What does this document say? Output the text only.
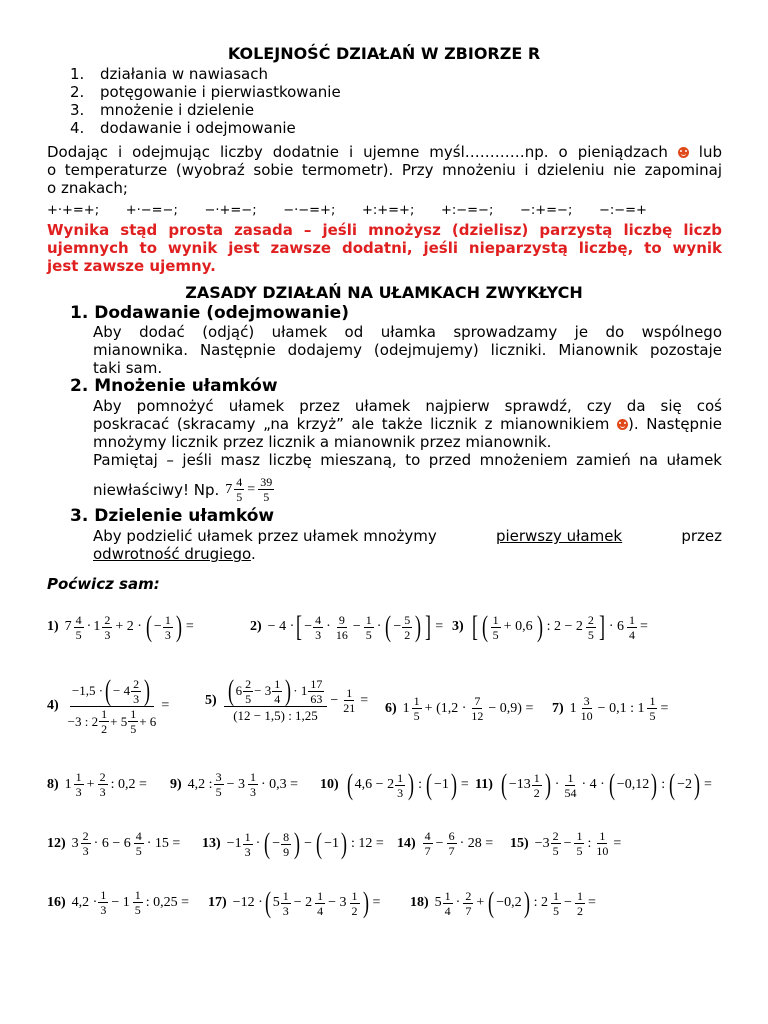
KOLEJNOŚĆ DZIAŁAŃ W ZBIORZE R
1. działania w nawiasach
2. potęgowanie i pierwiastkowanie
3. mnożenie i dzielenie
4. dodawanie i odejmowanie
Dodając i odejmując liczby dodatnie i ujemne myśl…………np. o pieniądzach lub
o temperaturze (wyobraź sobie termometr). Przy mnożeniu i dzieleniu nie zapominaj
o znakach;
+·+=+; +·−=−; −·+=−; −·−=+; +:+=+; +:−=−; −:+=−; −:−=+
Wynika stąd prosta zasada – jeśli mnożysz (dzielisz) parzystą liczbę liczb
ujemnych to wynik jest zawsze dodatni, jeśli nieparzystą liczbę, to wynik
jest zawsze ujemny.
ZASADY DZIAŁAŃ NA UŁAMKACH ZWYKŁYCH
1. Dodawanie (odejmowanie)
Aby dodać (odjąć) ułamek od ułamka sprowadzamy je do wspólnego
mianownika. Następnie dodajemy (odejmujemy) liczniki. Mianownik pozostaje
taki sam.
2. Mnożenie ułamków
Aby pomnożyć ułamek przez ułamek najpierw sprawdź, czy da się coś
poskracać (skracamy „na krzyż” ale także licznik z mianownikiem ). Następnie
mnożymy licznik przez licznik a mianownik przez mianownik.
Pamiętaj – jeśli masz liczbę mieszaną, to przed mnożeniem zamień na ułamek
niewłaściwy! Np. 7 4
5
= $\frac{39}{5}$
3. Dzielenie ułamków
Aby podzielić ułamek przez ułamek mnożymy	pierwszy ułamek	przez
odwrotność drugiego.
Poćwicz sam:
1) 7 4
5
· 1 2
3
+ 2 · ( − $\frac{1}{3}$ ) =	2) − 4 · [ − $\frac{4}{3} \cdot 9$
16
− $\frac{1}{5}$ · ( − $\frac{5}{2}$ ) ] = 3) [ ( 1
5
+ 0,6 ) : 2 − 2 2
5 ] · $6 \frac{1}{4}$ =
4) −1,5 · ( − 4 2
3 )
−3 : 2 1
2
+ 5 1
5
+ 6 =	5) ( 6 2
5
− 3 1
4 ) · 1 17
63
(12 − 1,5) : 1,25
− $\frac{1}{21}$ =
6) 1 1
5
+ (1,2 · 7
12
− 0,9) = 7) 1 3
10
− 0,1 : $1 \frac{1}{5}$ =
8) 1 1
3
+ $\frac{2}{3}$ : 0,2 = 9) 4,2 : 3
5
− 3 1
3
· 0,3 = 10) ( 4,6 − 2 1
3 ) : ( −1 ) = 11) ( −13 1
2 ) · 1
54
· 4 · ( −0,12 ) : ( −2 ) =
12) 3 2
3
· 6 − 6 4
5
· 15 = 13) −1 1
3
· ( − $\frac{8}{9}$ ) − ( −1 ) : 12 = 14) 4
7
− $\frac{6}{7} \cdot 28 = 15) -3$ 2
5
− $\frac{1}{5}$ : $\frac{1}{10}$ =
16) 4,2 · 1
3
− 1 1
5
: 0,25 = 17) −12 · ( 5 1
3
− 2 1
4
− 3 1
2 ) = 18) 5 1
4
· 2
7
+ ( −0,2 ) : 2 1
5
− $\frac{1}{2}$ =
